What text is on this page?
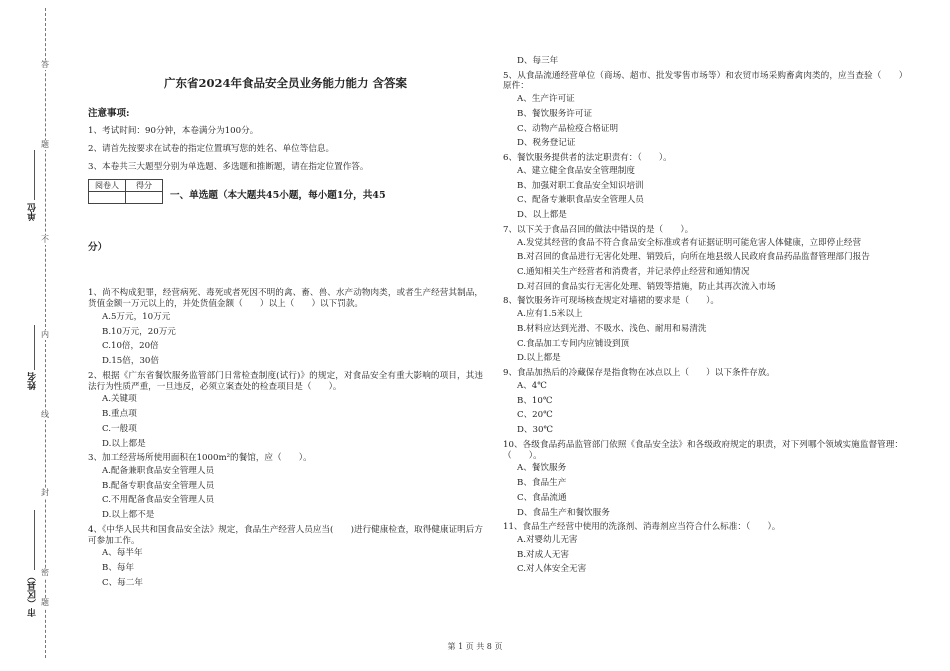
答
题
不
内
线
封
密
题
单位
姓名
市（区县）
广东省2024年食品安全员业务能力能力 含答案
注意事项:

1、考试时间：90分钟，本卷满分为100分。

2、请首先按要求在试卷的指定位置填写您的姓名、单位等信息。

3、本卷共三大题型分别为单选题、多选题和推断题，请在指定位置作答。

阅卷人	得分

一、单选题（本大题共45小题，每小题1分，共45
分）
1、尚不构成犯罪，经营病死、毒死或者死因不明的禽、畜、兽、水产动物肉类，或者生产经营其制品，货值金额一万元以上的，并处货值金额（　　）以上（　　）以下罚款。
A.5万元，10万元
B.10万元，20万元
C.10倍，20倍
D.15倍，30倍
2、根据《广东省餐饮服务监管部门日常检查制度(试行)》的规定，对食品安全有重大影响的项目，其违法行为性质严重，一旦违反，必须立案查处的检查项目是（　　）。
A.关键项
B.重点项
C.一般项
D.以上都是
3、加工经营场所使用面积在1000m²的餐馆，应（　　）。
A.配备兼职食品安全管理人员
B.配备专职食品安全管理人员
C.不用配备食品安全管理人员
D.以上都不是
4、《中华人民共和国食品安全法》规定，食品生产经营人员应当(　　)进行健康检查，取得健康证明后方可参加工作。
A、每半年
B、每年
C、每二年
D、每三年
5、从食品流通经营单位（商场、超市、批发零售市场等）和农贸市场采购畜禽肉类的，应当查验（　　）原件：
A、生产许可证
B、餐饮服务许可证
C、动物产品检疫合格证明
D、税务登记证
6、餐饮服务提供者的法定职责有：（　　）。
A、建立健全食品安全管理制度
B、加强对职工食品安全知识培训
C、配备专兼职食品安全管理人员
D、以上都是
7、以下关于食品召回的做法中错误的是（　　）。
A.发觉其经营的食品不符合食品安全标准或者有证据证明可能危害人体健康，立即停止经营
B.对召回的食品进行无害化处理、销毁后，向所在地县级人民政府食品药品监督管理部门报告
C.通知相关生产经营者和消费者，并记录停止经营和通知情况
D.对召回的食品实行无害化处理、销毁等措施，防止其再次流入市场
8、餐饮服务许可现场核查规定对墙裙的要求是（　　）。
A.应有1.5米以上
B.材料应达到光滑、不吸水、浅色、耐用和易清洗
C.食品加工专间内应铺设到顶
D.以上都是
9、食品加热后的冷藏保存是指食物在冰点以上（　　）以下条件存放。
A、4℃
B、10℃
C、20℃
D、30℃
10、各级食品药品监管部门依照《食品安全法》和各级政府规定的职责，对下列哪个领域实施监督管理：（　　）。
A、餐饮服务
B、食品生产
C、食品流通
D、食品生产和餐饮服务
11、食品生产经营中使用的洗涤剂、消毒剂应当符合什么标准：（　　）。
A.对婴幼儿无害
B.对成人无害
C.对人体安全无害
第 1 页 共 8 页
